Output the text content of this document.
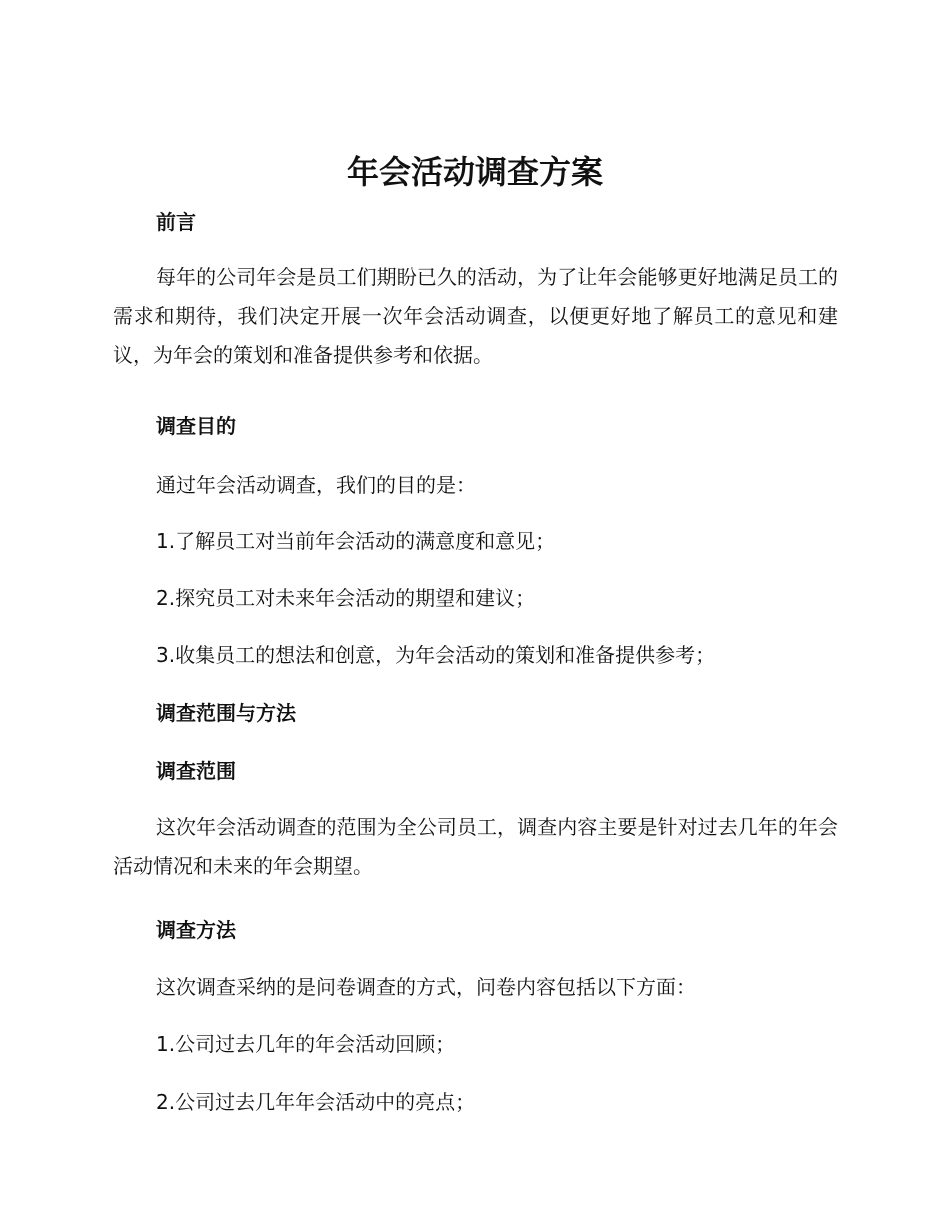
年会活动调查方案
前言
每年的公司年会是员工们期盼已久的活动，为了让年会能够更好地满足员工的需求和期待，我们决定开展一次年会活动调查，以便更好地了解员工的意见和建议，为年会的策划和准备提供参考和依据。
调查目的
通过年会活动调查，我们的目的是：
1.了解员工对当前年会活动的满意度和意见；
2.探究员工对未来年会活动的期望和建议；
3.收集员工的想法和创意，为年会活动的策划和准备提供参考；
调查范围与方法
调查范围
这次年会活动调查的范围为全公司员工，调查内容主要是针对过去几年的年会活动情况和未来的年会期望。
调查方法
这次调查采纳的是问卷调查的方式，问卷内容包括以下方面：
1.公司过去几年的年会活动回顾；
2.公司过去几年年会活动中的亮点；
